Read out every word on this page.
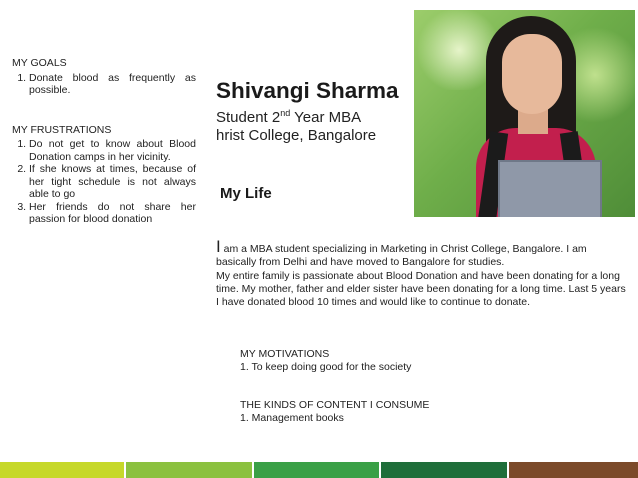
MY GOALS
1. Donate blood as frequently as possible.
MY FRUSTRATIONS
1. Do not get to know about Blood Donation camps in her vicinity.
2. If she knows at times, because of her tight schedule is not always able to go
3. Her friends do not share her passion for blood donation
Shivangi Sharma
Student 2nd Year MBA
hrist College, Bangalore
My Life
I am a MBA student specializing in Marketing in Christ College, Bangalore. I am basically from Delhi and have moved to Bangalore for studies.
My entire family is passionate about Blood Donation and have been donating for a long time. My mother, father and elder sister have been donating for a long time. Last 5 years I have donated blood 10 times and would like to continue to donate.
MY MOTIVATIONS
1. To keep doing good for the society
THE KINDS OF CONTENT I CONSUME
1. Management books
